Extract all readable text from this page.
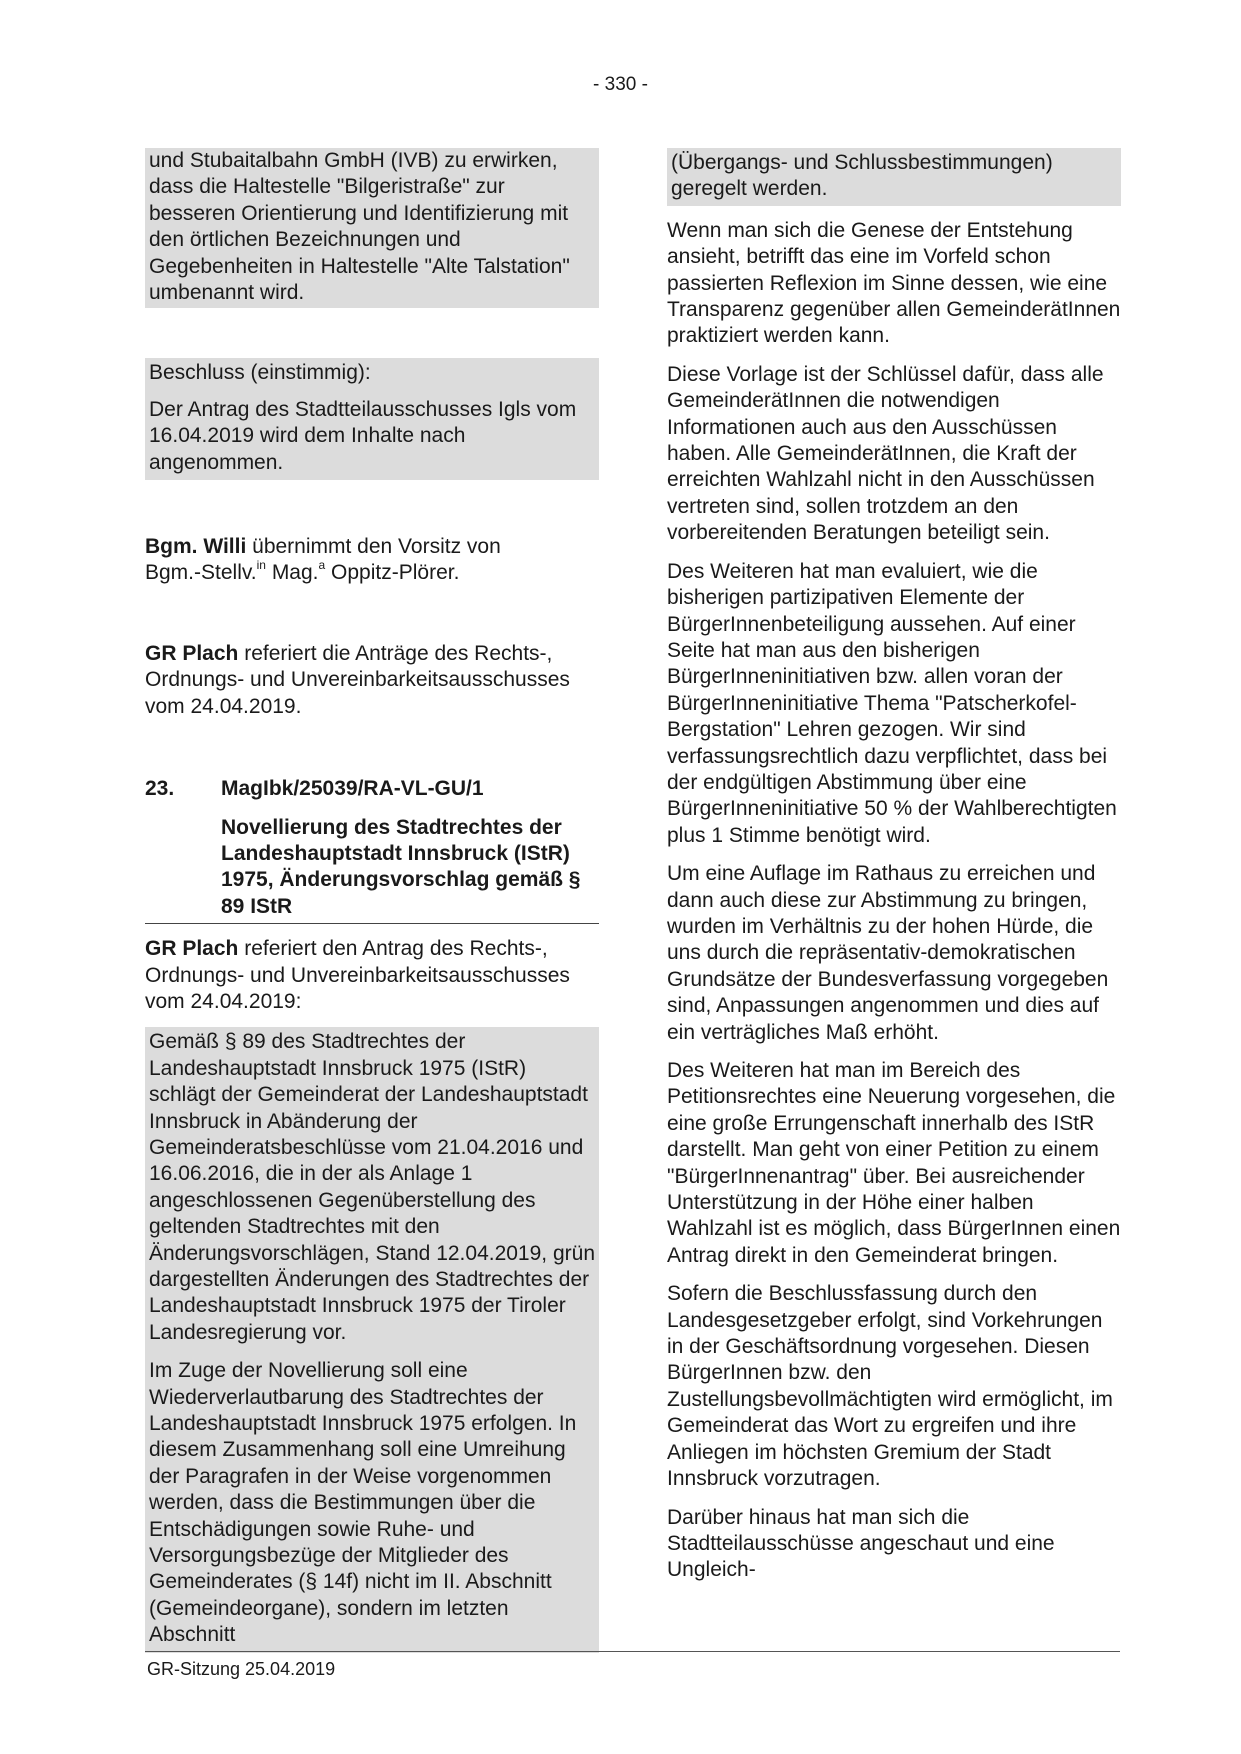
- 330 -

und Stubaitalbahn GmbH (IVB) zu erwirken, dass die Haltestelle "Bilgeristraße" zur besseren Orientierung und Identifizierung mit den örtlichen Bezeichnungen und Gegebenheiten in Haltestelle "Alte Talstation" umbenannt wird.

Beschluss (einstimmig):

Der Antrag des Stadtteilausschusses Igls vom 16.04.2019 wird dem Inhalte nach angenommen.

Bgm. Willi übernimmt den Vorsitz von
Bgm.-Stellv.$^{in}$ Mag.$^a$ Oppitz-Plörer.

GR Plach referiert die Anträge des Rechts-, Ordnungs- und Unvereinbarkeitsausschusses vom 24.04.2019.

23.	MagIbk/25039/RA-VL-GU/1

Novellierung des Stadtrechtes der Landeshauptstadt Innsbruck (IStR) 1975, Änderungsvorschlag gemäß § 89 IStR

GR Plach referiert den Antrag des Rechts-, Ordnungs- und Unvereinbarkeitsausschusses vom 24.04.2019:

Gemäß § 89 des Stadtrechtes der Landeshauptstadt Innsbruck 1975 (IStR) schlägt der Gemeinderat der Landeshauptstadt Innsbruck in Abänderung der Gemeinderatsbeschlüsse vom 21.04.2016 und 16.06.2016, die in der als Anlage 1 angeschlossenen Gegenüberstellung des geltenden Stadtrechtes mit den Änderungsvorschlägen, Stand 12.04.2019, grün dargestellten Änderungen des Stadtrechtes der Landeshauptstadt Innsbruck 1975 der Tiroler Landesregierung vor.

Im Zuge der Novellierung soll eine Wiederverlautbarung des Stadtrechtes der Landeshauptstadt Innsbruck 1975 erfolgen. In diesem Zusammenhang soll eine Umreihung der Paragrafen in der Weise vorgenommen werden, dass die Bestimmungen über die Entschädigungen sowie Ruhe- und Versorgungsbezüge der Mitglieder des Gemeinderates (§ 14f) nicht im II. Abschnitt (Gemeindeorgane), sondern im letzten Abschnitt

(Übergangs- und Schlussbestimmungen) geregelt werden.

Wenn man sich die Genese der Entstehung ansieht, betrifft das eine im Vorfeld schon passierten Reflexion im Sinne dessen, wie eine Transparenz gegenüber allen GemeinderätInnen praktiziert werden kann.

Diese Vorlage ist der Schlüssel dafür, dass alle GemeinderätInnen die notwendigen Informationen auch aus den Ausschüssen haben. Alle GemeinderätInnen, die Kraft der erreichten Wahlzahl nicht in den Ausschüssen vertreten sind, sollen trotzdem an den vorbereitenden Beratungen beteiligt sein.

Des Weiteren hat man evaluiert, wie die bisherigen partizipativen Elemente der BürgerInnenbeteiligung aussehen. Auf einer Seite hat man aus den bisherigen BürgerInneninitiativen bzw. allen voran der BürgerInneninitiative Thema "Patscherkofel-Bergstation" Lehren gezogen. Wir sind verfassungsrechtlich dazu verpflichtet, dass bei der endgültigen Abstimmung über eine BürgerInneninitiative 50 % der Wahlberechtigten plus 1 Stimme benötigt wird.

Um eine Auflage im Rathaus zu erreichen und dann auch diese zur Abstimmung zu bringen, wurden im Verhältnis zu der hohen Hürde, die uns durch die repräsentativ-demokratischen Grundsätze der Bundesverfassung vorgegeben sind, Anpassungen angenommen und dies auf ein verträgliches Maß erhöht.

Des Weiteren hat man im Bereich des Petitionsrechtes eine Neuerung vorgesehen, die eine große Errungenschaft innerhalb des IStR darstellt. Man geht von einer Petition zu einem "BürgerInnenantrag" über. Bei ausreichender Unterstützung in der Höhe einer halben Wahlzahl ist es möglich, dass BürgerInnen einen Antrag direkt in den Gemeinderat bringen.

Sofern die Beschlussfassung durch den Landesgesetzgeber erfolgt, sind Vorkehrungen in der Geschäftsordnung vorgesehen. Diesen BürgerInnen bzw. den Zustellungsbevollmächtigten wird ermöglicht, im Gemeinderat das Wort zu ergreifen und ihre Anliegen im höchsten Gremium der Stadt Innsbruck vorzutragen.

Darüber hinaus hat man sich die Stadtteilausschüsse angeschaut und eine Ungleich-

GR-Sitzung 25.04.2019
